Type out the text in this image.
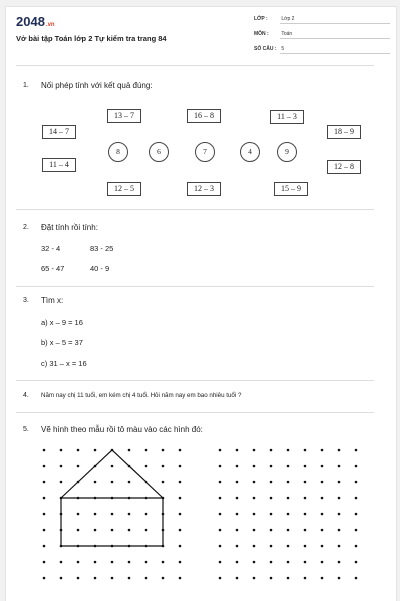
2048.vn
Vở bài tập Toán lớp 2 Tự kiểm tra trang 84
LỚP :	Lớp 2
MÔN :	Toán
SỐ CÂU : 5
1. Nối phép tính với kết quả đúng:
13 – 7	16 – 8	11 – 3
14 – 7	18 – 9
11 – 4	12 – 8
12 – 5	12 – 3	15 – 9
8	6	7	4	9
2. Đặt tính rồi tính:
32 - 4	83 - 25
65 - 47	40 - 9
3. Tìm x:
a) x – 9 = 16
b) x – 5 = 37
c) 31 – x = 16
4. Năm nay chị 11 tuổi, em kém chị 4 tuổi. Hỏi năm nay em bao nhiêu tuổi ?
5. Vẽ hình theo mẫu rồi tô màu vào các hình đó:
